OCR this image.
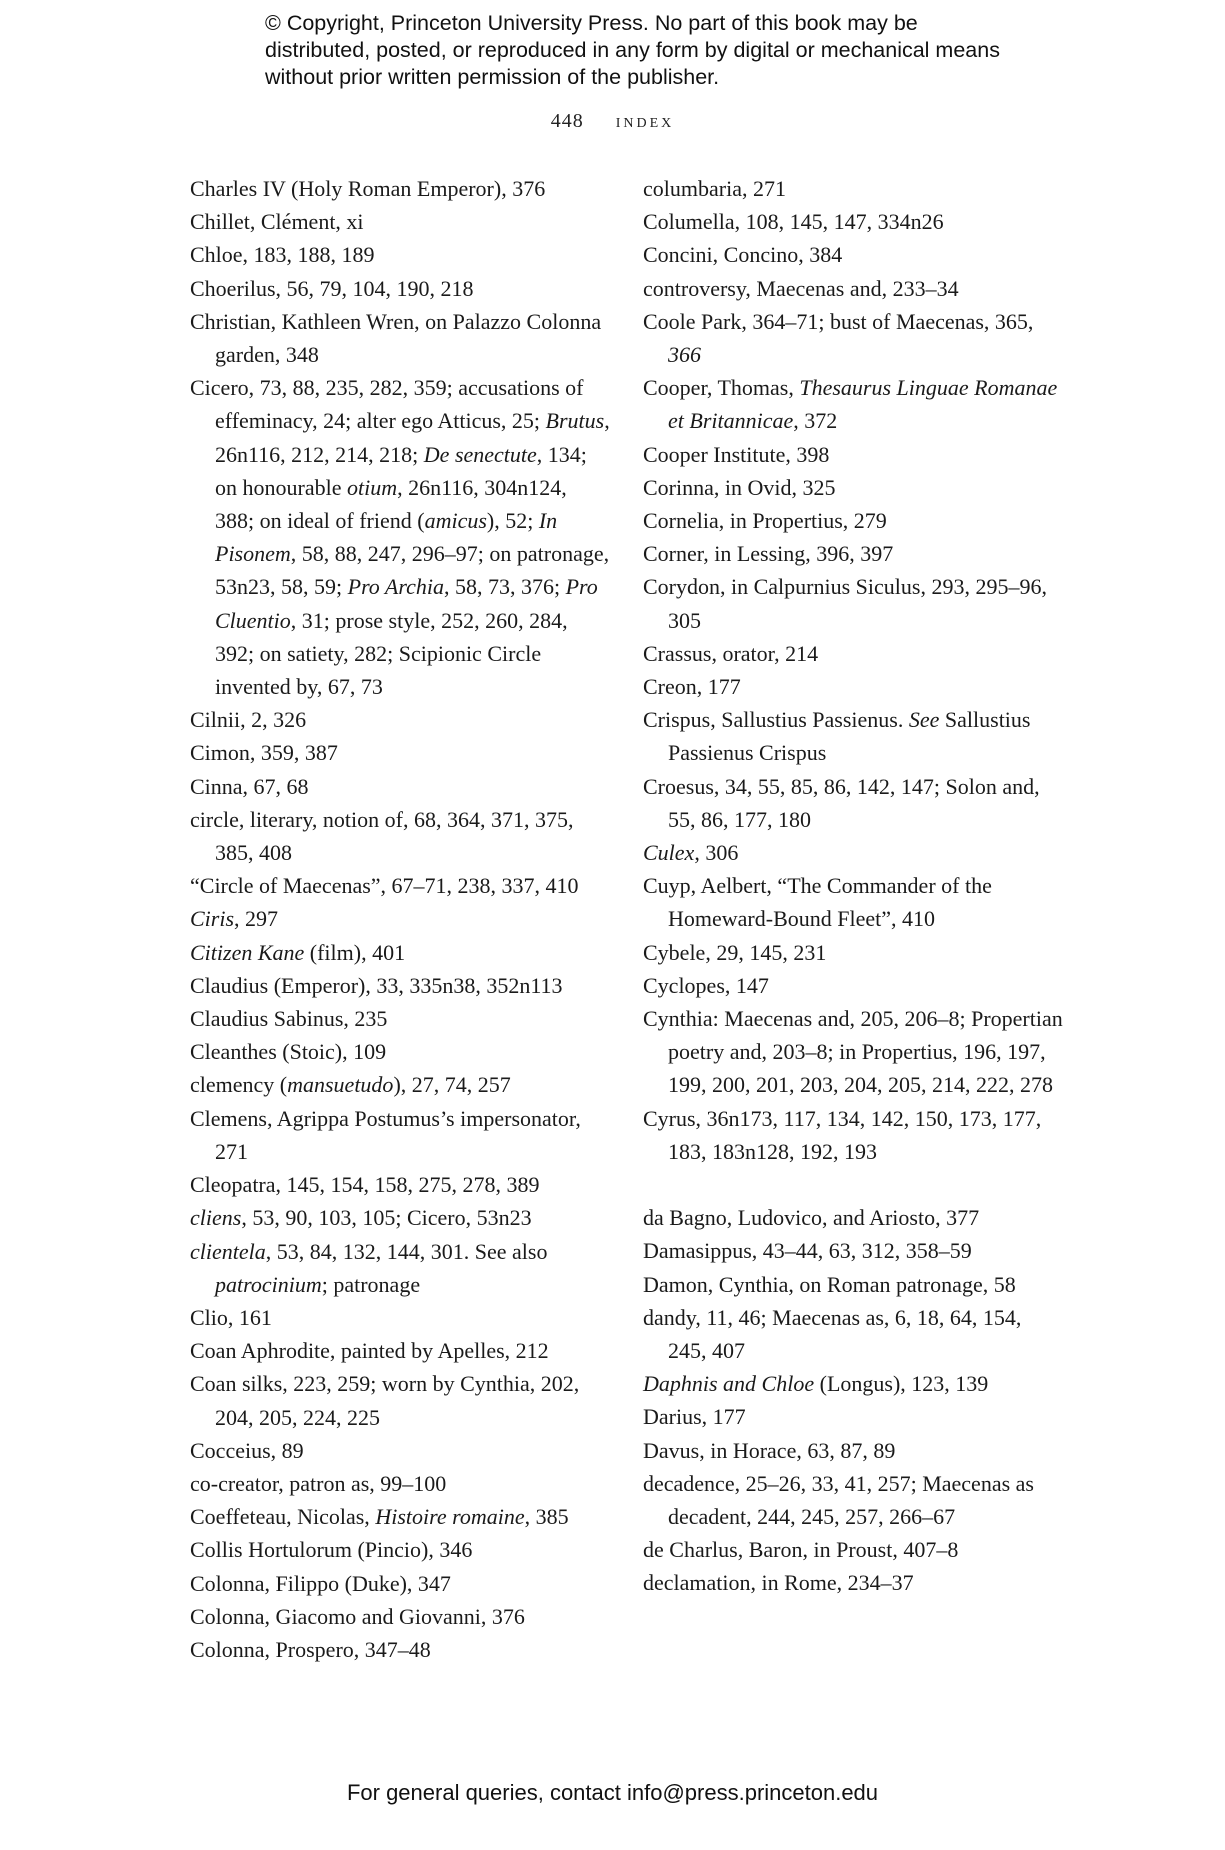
© Copyright, Princeton University Press. No part of this book may be distributed, posted, or reproduced in any form by digital or mechanical means without prior written permission of the publisher.
448 index

Charles IV (Holy Roman Emperor), 376

Chillet, Clément, xi

Chloe, 183, 188, 189

Choerilus, 56, 79, 104, 190, 218

Christian, Kathleen Wren, on Palazzo Colonna garden, 348

Cicero, 73, 88, 235, 282, 359; accusations of effeminacy, 24; alter ego Atticus, 25; Brutus, 26n116, 212, 214, 218; De senectute, 134; on honourable otium, 26n116, 304n124, 388; on ideal of friend (amicus), 52; In Pisonem, 58, 88, 247, 296–97; on patronage, 53n23, 58, 59; Pro Archia, 58, 73, 376; Pro Cluentio, 31; prose style, 252, 260, 284, 392; on satiety, 282; Scipionic Circle invented by, 67, 73

Cilnii, 2, 326

Cimon, 359, 387

Cinna, 67, 68

circle, literary, notion of, 68, 364, 371, 375, 385, 408

“Circle of Maecenas”, 67–71, 238, 337, 410

Ciris, 297

Citizen Kane (film), 401

Claudius (Emperor), 33, 335n38, 352n113

Claudius Sabinus, 235

Cleanthes (Stoic), 109

clemency (mansuetudo), 27, 74, 257

Clemens, Agrippa Postumus’s impersonator, 271

Cleopatra, 145, 154, 158, 275, 278, 389

cliens, 53, 90, 103, 105; Cicero, 53n23

clientela, 53, 84, 132, 144, 301. See also patrocinium; patronage

Clio, 161

Coan Aphrodite, painted by Apelles, 212

Coan silks, 223, 259; worn by Cynthia, 202, 204, 205, 224, 225

Cocceius, 89

co-creator, patron as, 99–100

Coeffeteau, Nicolas, Histoire romaine, 385

Collis Hortulorum (Pincio), 346

Colonna, Filippo (Duke), 347

Colonna, Giacomo and Giovanni, 376

Colonna, Prospero, 347–48

columbaria, 271

Columella, 108, 145, 147, 334n26

Concini, Concino, 384

controversy, Maecenas and, 233–34

Coole Park, 364–71; bust of Maecenas, 365, 366

Cooper, Thomas, Thesaurus Linguae Romanae et Britannicae, 372

Cooper Institute, 398

Corinna, in Ovid, 325

Cornelia, in Propertius, 279

Corner, in Lessing, 396, 397

Corydon, in Calpurnius Siculus, 293, 295–96, 305

Crassus, orator, 214

Creon, 177

Crispus, Sallustius Passienus. See Sallustius Passienus Crispus

Croesus, 34, 55, 85, 86, 142, 147; Solon and, 55, 86, 177, 180

Culex, 306

Cuyp, Aelbert, “The Commander of the Homeward-Bound Fleet”, 410

Cybele, 29, 145, 231

Cyclopes, 147

Cynthia: Maecenas and, 205, 206–8; Propertian poetry and, 203–8; in Propertius, 196, 197, 199, 200, 201, 203, 204, 205, 214, 222, 278

Cyrus, 36n173, 117, 134, 142, 150, 173, 177, 183, 183n128, 192, 193

da Bagno, Ludovico, and Ariosto, 377

Damasippus, 43–44, 63, 312, 358–59

Damon, Cynthia, on Roman patronage, 58

dandy, 11, 46; Maecenas as, 6, 18, 64, 154, 245, 407

Daphnis and Chloe (Longus), 123, 139

Darius, 177

Davus, in Horace, 63, 87, 89

decadence, 25–26, 33, 41, 257; Maecenas as decadent, 244, 245, 257, 266–67

de Charlus, Baron, in Proust, 407–8

declamation, in Rome, 234–37

For general queries, contact info@press.princeton.edu
